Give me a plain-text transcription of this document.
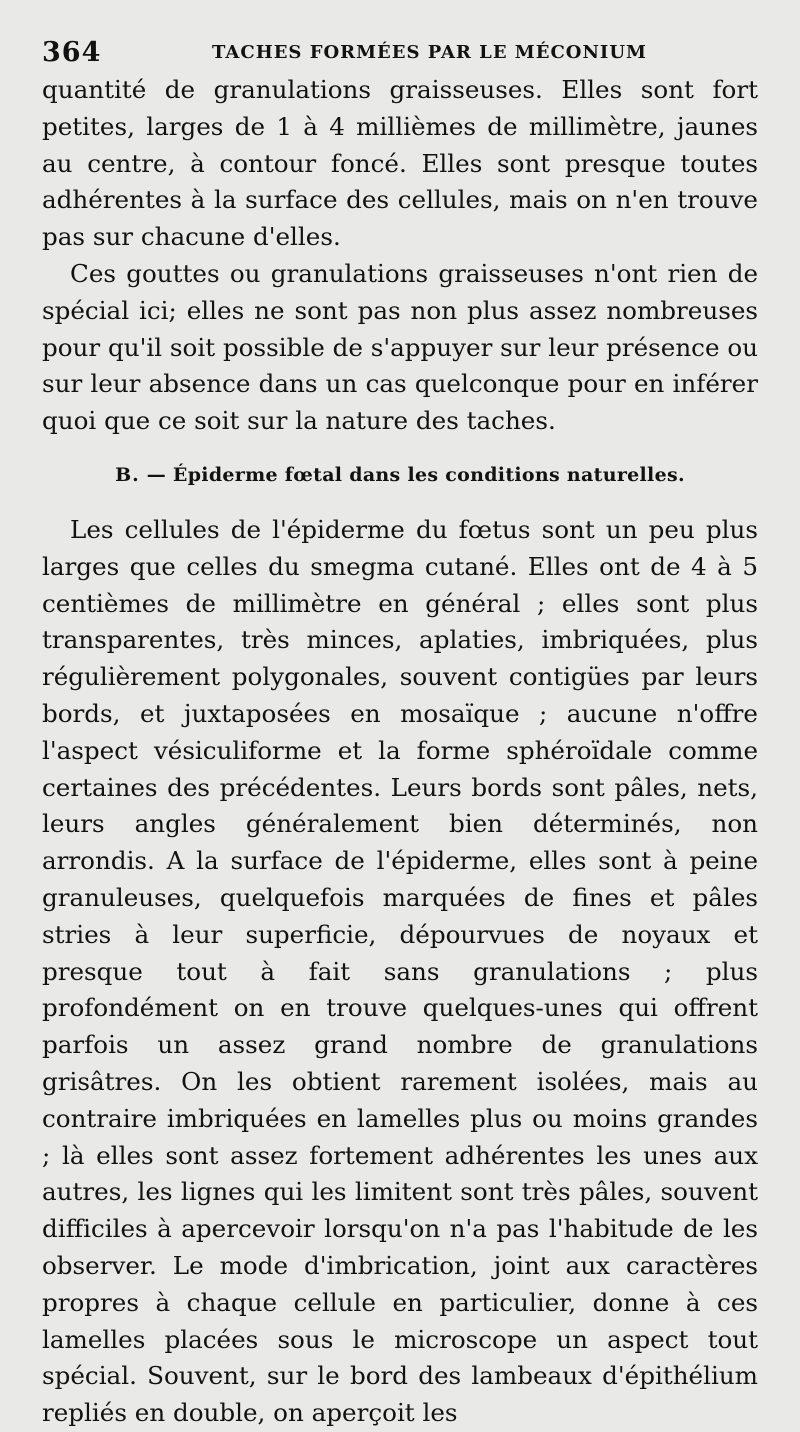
364	TACHES FORMÉES PAR LE MÉCONIUM

quantité de granulations graisseuses. Elles sont fort petites, larges de 1 à 4 millièmes de millimètre, jaunes au centre, à contour foncé. Elles sont presque toutes adhérentes à la surface des cellules, mais on n'en trouve pas sur chacune d'elles.

Ces gouttes ou granulations graisseuses n'ont rien de spécial ici; elles ne sont pas non plus assez nombreuses pour qu'il soit possible de s'appuyer sur leur présence ou sur leur absence dans un cas quelconque pour en inférer quoi que ce soit sur la nature des taches.

B. — Épiderme fœtal dans les conditions naturelles.

Les cellules de l'épiderme du fœtus sont un peu plus larges que celles du smegma cutané. Elles ont de 4 à 5 centièmes de millimètre en général ; elles sont plus transparentes, très minces, aplaties, imbriquées, plus régulièrement polygonales, souvent contigües par leurs bords, et juxtaposées en mosaïque ; aucune n'offre l'aspect vésiculiforme et la forme sphéroïdale comme certaines des précédentes. Leurs bords sont pâles, nets, leurs angles généralement bien déterminés, non arrondis. A la surface de l'épiderme, elles sont à peine granuleuses, quelquefois marquées de fines et pâles stries à leur superficie, dépourvues de noyaux et presque tout à fait sans granulations ; plus profondément on en trouve quelques-unes qui offrent parfois un assez grand nombre de granulations grisâtres. On les obtient rarement isolées, mais au contraire imbriquées en lamelles plus ou moins grandes ; là elles sont assez fortement adhérentes les unes aux autres, les lignes qui les limitent sont très pâles, souvent difficiles à apercevoir lorsqu'on n'a pas l'habitude de les observer. Le mode d'imbrication, joint aux caractères propres à chaque cellule en particulier, donne à ces lamelles placées sous le microscope un aspect tout spécial. Souvent, sur le bord des lambeaux d'épithélium repliés en double, on aperçoit les
